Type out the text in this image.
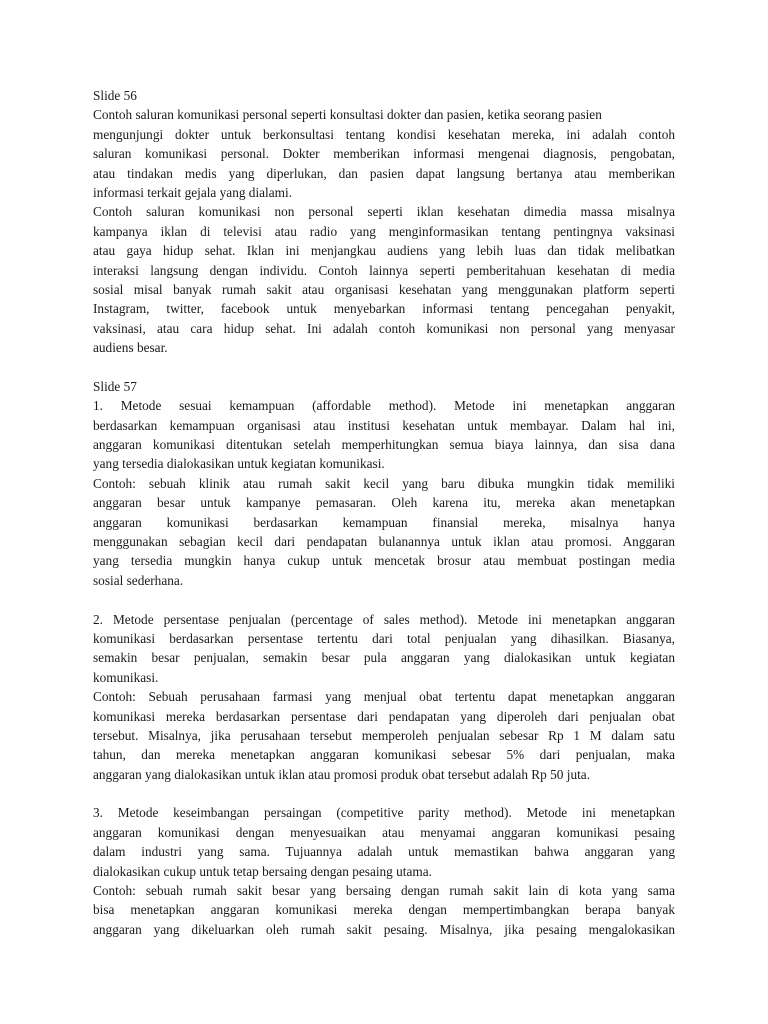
Slide 56
Contoh saluran komunikasi personal seperti konsultasi dokter dan pasien, ketika seorang pasien
mengunjungi dokter untuk berkonsultasi tentang kondisi kesehatan mereka, ini adalah contoh
saluran komunikasi personal. Dokter memberikan informasi mengenai diagnosis, pengobatan,
atau tindakan medis yang diperlukan, dan pasien dapat langsung bertanya atau memberikan
informasi terkait gejala yang dialami.
Contoh saluran komunikasi non personal seperti iklan kesehatan dimedia massa misalnya
kampanya iklan di televisi atau radio yang menginformasikan tentang pentingnya vaksinasi
atau gaya hidup sehat. Iklan ini menjangkau audiens yang lebih luas dan tidak melibatkan
interaksi langsung dengan individu. Contoh lainnya seperti pemberitahuan kesehatan di media
sosial misal banyak rumah sakit atau organisasi kesehatan yang menggunakan platform seperti
Instagram, twitter, facebook untuk menyebarkan informasi tentang pencegahan penyakit,
vaksinasi, atau cara hidup sehat. Ini adalah contoh komunikasi non personal yang menyasar
audiens besar.
Slide 57
1. Metode sesuai kemampuan (affordable method). Metode ini menetapkan anggaran
berdasarkan kemampuan organisasi atau institusi kesehatan untuk membayar. Dalam hal ini,
anggaran komunikasi ditentukan setelah memperhitungkan semua biaya lainnya, dan sisa dana
yang tersedia dialokasikan untuk kegiatan komunikasi.
Contoh: sebuah klinik atau rumah sakit kecil yang baru dibuka mungkin tidak memiliki
anggaran besar untuk kampanye pemasaran. Oleh karena itu, mereka akan menetapkan
anggaran komunikasi berdasarkan kemampuan finansial mereka, misalnya hanya
menggunakan sebagian kecil dari pendapatan bulanannya untuk iklan atau promosi. Anggaran
yang tersedia mungkin hanya cukup untuk mencetak brosur atau membuat postingan media
sosial sederhana.
2. Metode persentase penjualan (percentage of sales method). Metode ini menetapkan anggaran
komunikasi berdasarkan persentase tertentu dari total penjualan yang dihasilkan. Biasanya,
semakin besar penjualan, semakin besar pula anggaran yang dialokasikan untuk kegiatan
komunikasi.
Contoh: Sebuah perusahaan farmasi yang menjual obat tertentu dapat menetapkan anggaran
komunikasi mereka berdasarkan persentase dari pendapatan yang diperoleh dari penjualan obat
tersebut. Misalnya, jika perusahaan tersebut memperoleh penjualan sebesar Rp 1 M dalam satu
tahun, dan mereka menetapkan anggaran komunikasi sebesar 5% dari penjualan, maka
anggaran yang dialokasikan untuk iklan atau promosi produk obat tersebut adalah Rp 50 juta.
3. Metode keseimbangan persaingan (competitive parity method). Metode ini menetapkan
anggaran komunikasi dengan menyesuaikan atau menyamai anggaran komunikasi pesaing
dalam industri yang sama. Tujuannya adalah untuk memastikan bahwa anggaran yang
dialokasikan cukup untuk tetap bersaing dengan pesaing utama.
Contoh: sebuah rumah sakit besar yang bersaing dengan rumah sakit lain di kota yang sama
bisa menetapkan anggaran komunikasi mereka dengan mempertimbangkan berapa banyak
anggaran yang dikeluarkan oleh rumah sakit pesaing. Misalnya, jika pesaing mengalokasikan
